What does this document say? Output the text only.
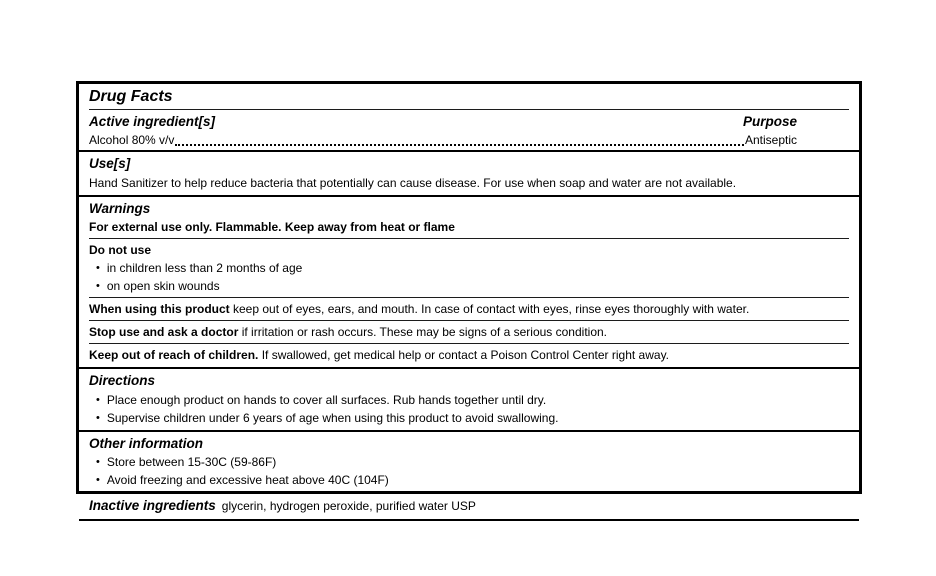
Drug Facts
Active ingredient[s]	Purpose
Alcohol 80% v/v	Antiseptic
Use[s]
Hand Sanitizer to help reduce bacteria that potentially can cause disease. For use when soap and water are not available.
Warnings
For external use only. Flammable. Keep away from heat or flame
Do not use
• in children less than 2 months of age
• on open skin wounds
When using this product keep out of eyes, ears, and mouth. In case of contact with eyes, rinse eyes thoroughly with water.
Stop use and ask a doctor if irritation or rash occurs. These may be signs of a serious condition.
Keep out of reach of children. If swallowed, get medical help or contact a Poison Control Center right away.
Directions
• Place enough product on hands to cover all surfaces. Rub hands together until dry.
• Supervise children under 6 years of age when using this product to avoid swallowing.
Other information
• Store between 15-30C (59-86F)
• Avoid freezing and excessive heat above 40C (104F)
Inactive ingredients glycerin, hydrogen peroxide, purified water USP
